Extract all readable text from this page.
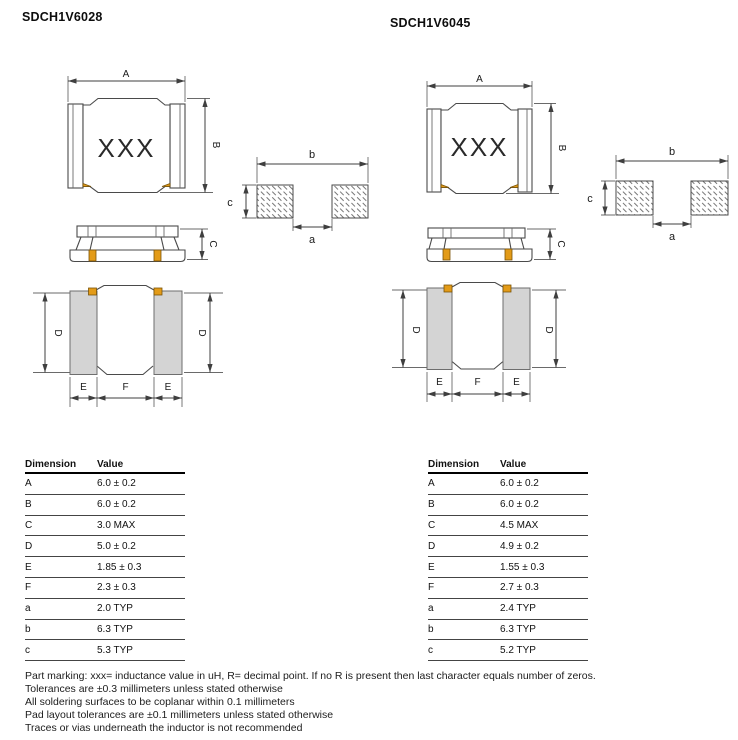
SDCH1V6028	SDCH1V6045
A
XXX	B
b
c
a
C
D	D
E	F	E
A
XXX	B	b
c
a
C
D	D
E	F	E
Dimension	Value
A	6.0 ± 0.2
B	6.0 ± 0.2
C	3.0 MAX
D	5.0 ± 0.2
E	1.85 ± 0.3
F	2.3 ± 0.3
a	2.0 TYP
b	6.3 TYP
c	5.3 TYP
Dimension	Value
A	6.0 ± 0.2
B	6.0 ± 0.2
C	4.5 MAX
D	4.9 ± 0.2
E	1.55 ± 0.3
F	2.7 ± 0.3
a	2.4 TYP
b	6.3 TYP
c	5.2 TYP
Part marking: xxx= inductance value in uH, R= decimal point. If no R is present then last character equals number of zeros.
Tolerances are ±0.3 millimeters unless stated otherwise
All soldering surfaces to be coplanar within 0.1 millimeters
Pad layout tolerances are ±0.1 millimeters unless stated otherwise
Traces or vias underneath the inductor is not recommended
